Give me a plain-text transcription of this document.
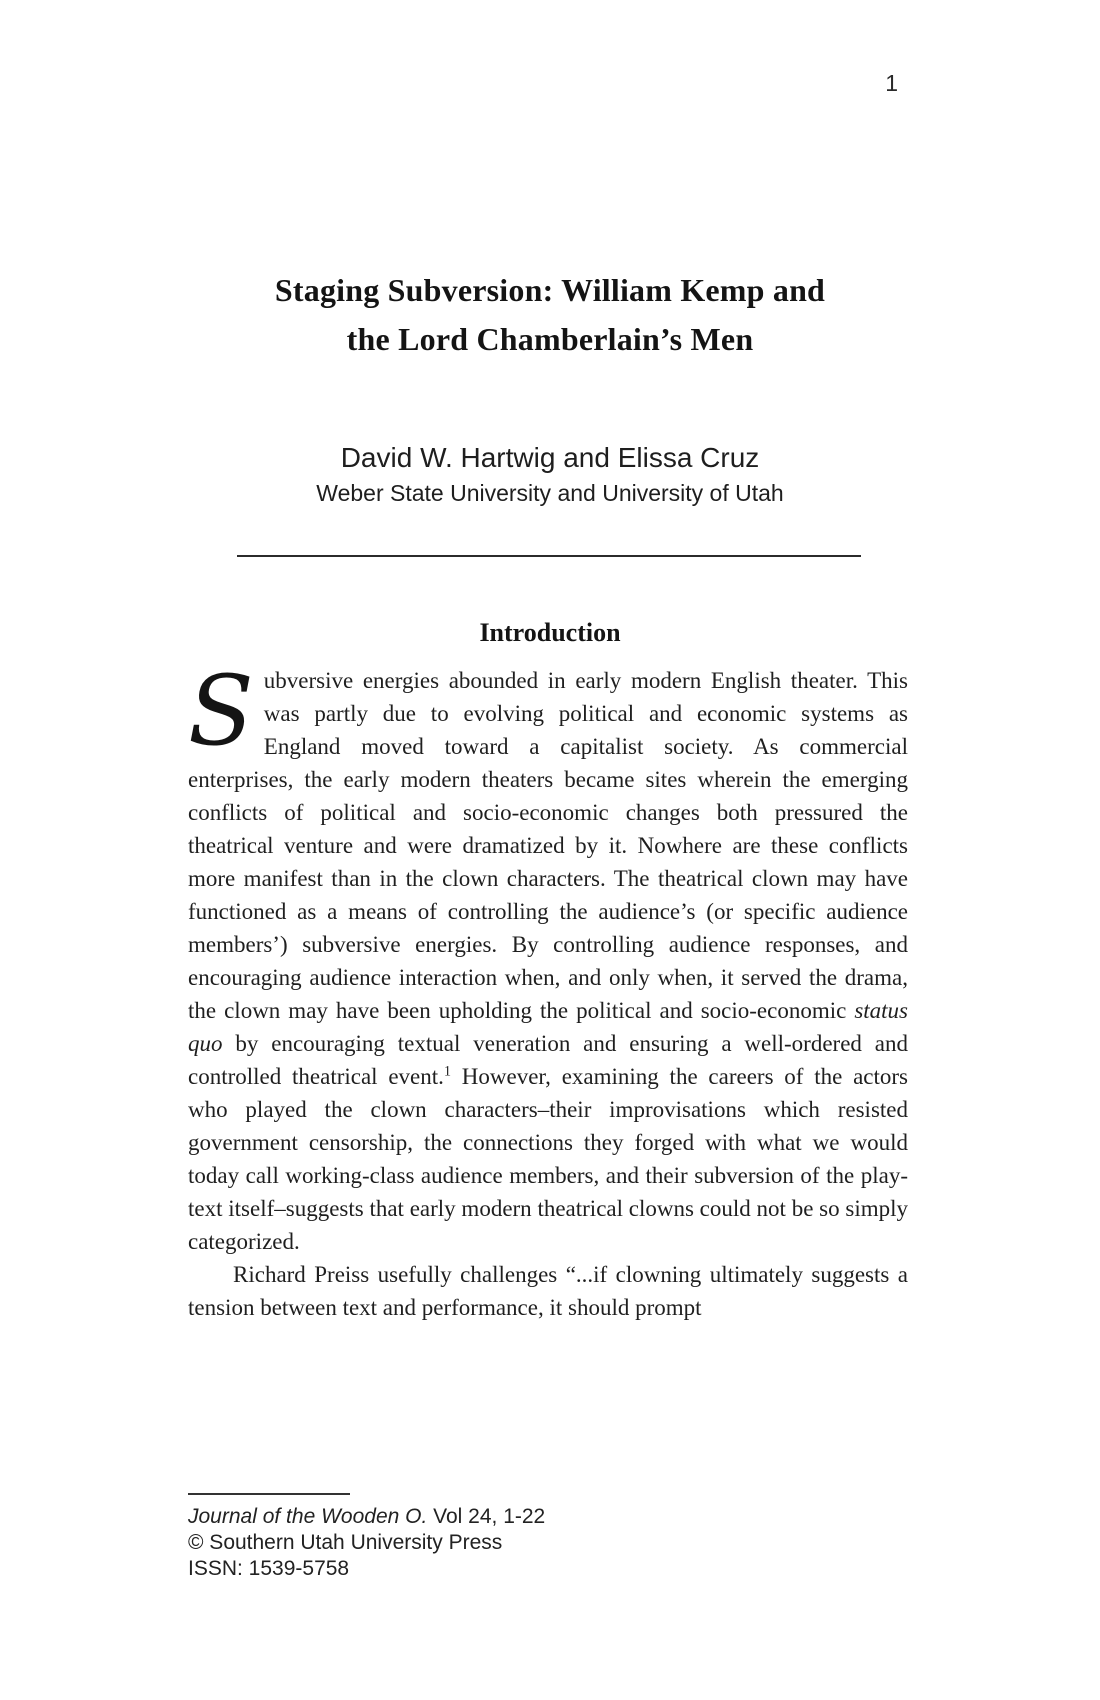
1
Staging Subversion: William Kemp and
the Lord Chamberlain’s Men
David W. Hartwig and Elissa Cruz
Weber State University and University of Utah
Introduction

Subversive energies abounded in early modern English theater. This was partly due to evolving political and economic systems as England moved toward a capitalist society. As commercial enterprises, the early modern theaters became sites wherein the emerging conflicts of political and socio-economic changes both pressured the theatrical venture and were dramatized by it. Nowhere are these conflicts more manifest than in the clown characters. The theatrical clown may have functioned as a means of controlling the audience’s (or specific audience members’) subversive energies. By controlling audience responses, and encouraging audience interaction when, and only when, it served the drama, the clown may have been upholding the political and socio-economic status quo by encouraging textual veneration and ensuring a well-ordered and controlled theatrical event.$^1$ However, examining the careers of the actors who played the clown characters–their improvisations which resisted government censorship, the connections they forged with what we would today call working-class audience members, and their subversion of the play-text itself–suggests that early modern theatrical clowns could not be so simply categorized.

Richard Preiss usefully challenges “...if clowning ultimately suggests a tension between text and performance, it should prompt

Journal of the Wooden O. Vol 24, 1-22
© Southern Utah University Press
ISSN: 1539-5758
